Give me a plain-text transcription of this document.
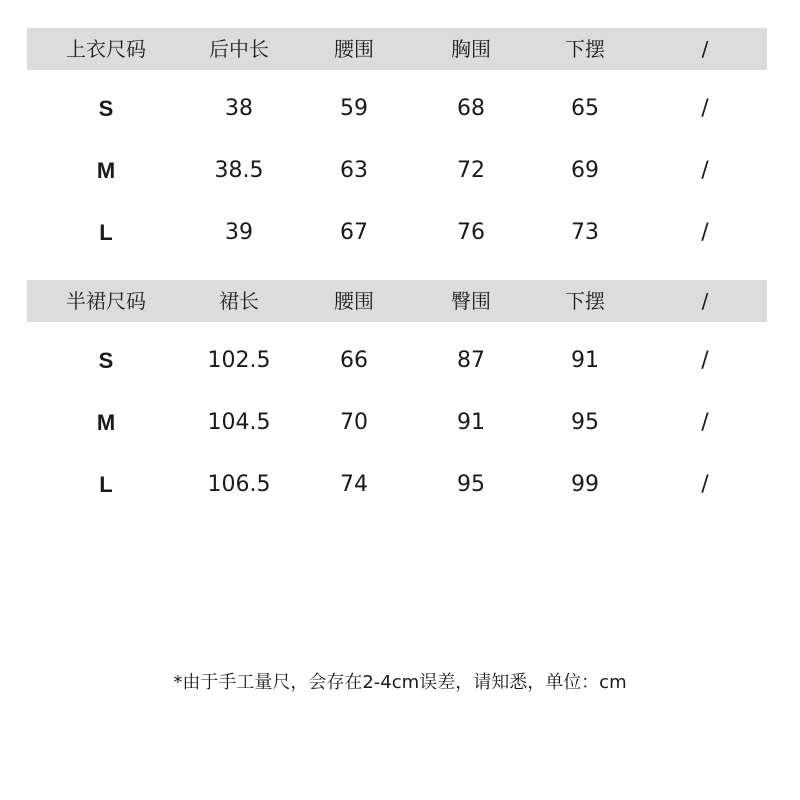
上衣尺码	后中长	腰围	胸围	下摆	/
S	38	59	68	65	/
M	38.5	63	72	69	/
L	39	67	76	73	/
半裙尺码	裙长	腰围	臀围	下摆	/
S	102.5	66	87	91	/
M	104.5	70	91	95	/
L	106.5	74	95	99	/
*由于手工量尺，会存在2-4cm误差，请知悉，单位：cm
